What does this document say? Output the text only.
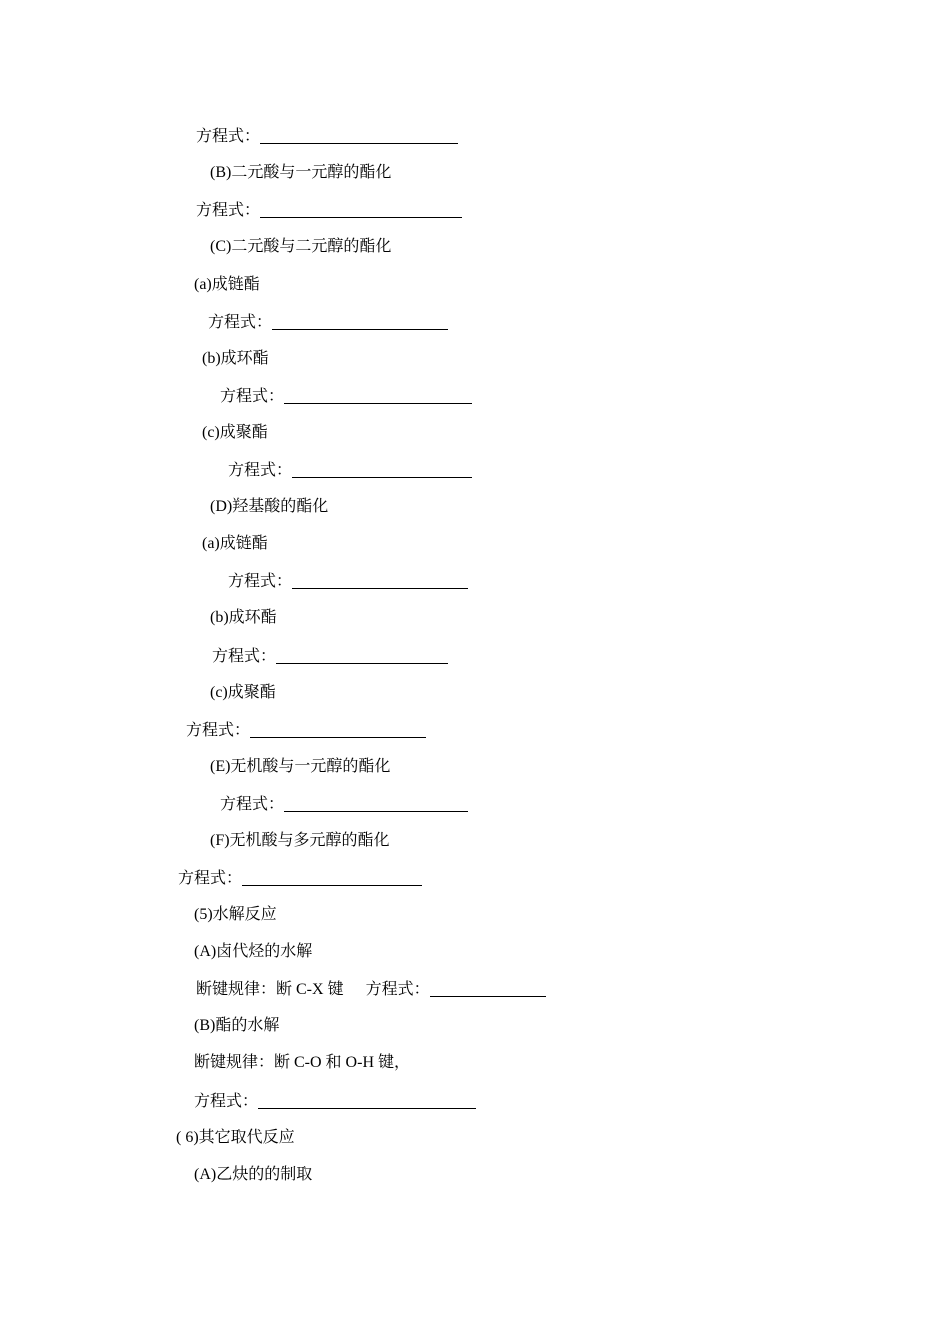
方程式：
(B)二元酸与一元醇的酯化
方程式：
(C)二元酸与二元醇的酯化
(a)成链酯
方程式：
(b)成环酯
方程式：
(c)成聚酯
方程式：
(D)羟基酸的酯化
(a)成链酯
方程式：
(b)成环酯
方程式：
(c)成聚酯
方程式：
(E)无机酸与一元醇的酯化
方程式：
(F)无机酸与多元醇的酯化
方程式：
(5)水解反应
(A)卤代烃的水解
断键规律：断 C-X 键 方程式：
(B)酯的水解
断键规律：断 C-O 和 O-H 键，
方程式：
( 6)其它取代反应
(A)乙炔的的制取
